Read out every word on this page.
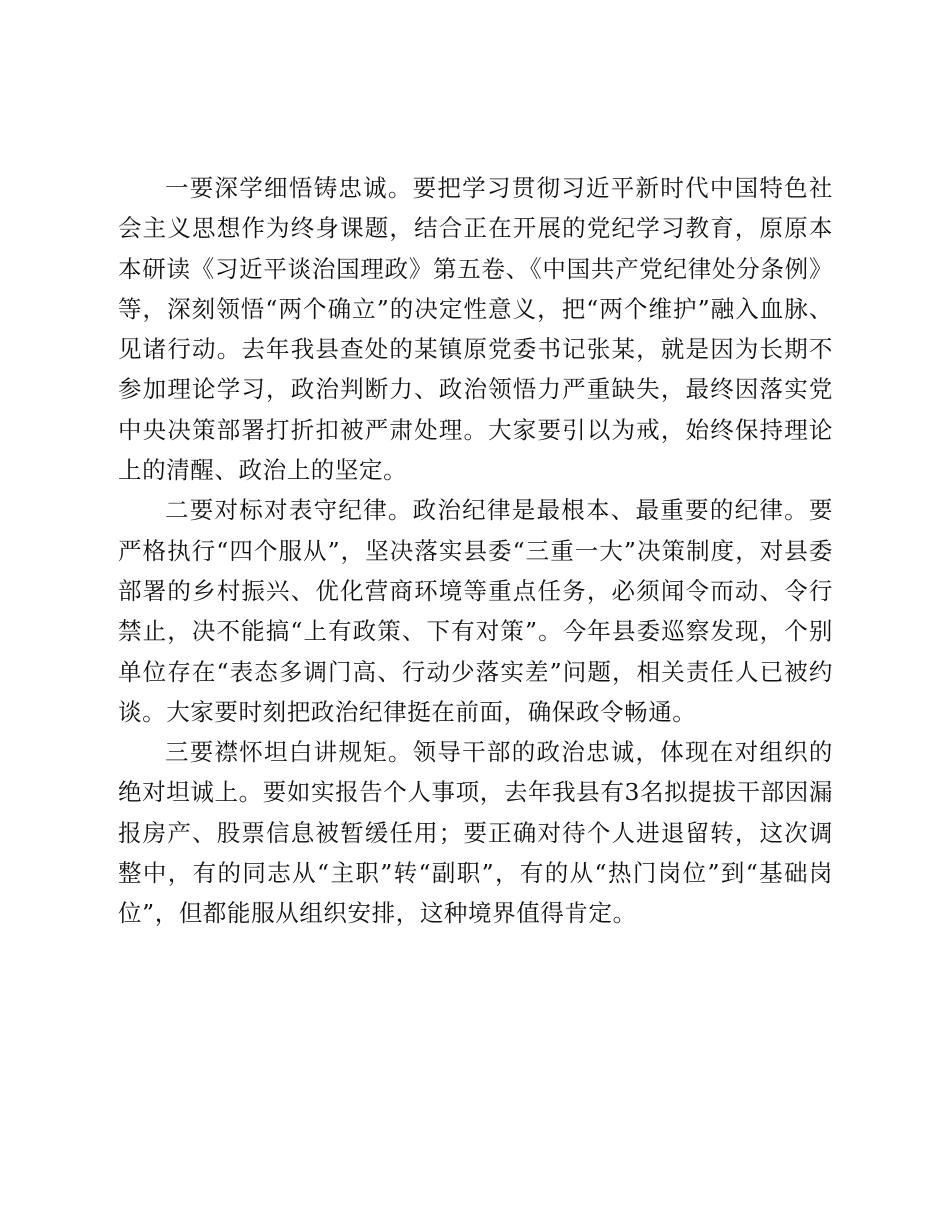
一要深学细悟铸忠诚。要把学习贯彻习近平新时代中国特色社会主义思想作为终身课题，结合正在开展的党纪学习教育，原原本本研读《习近平谈治国理政》第五卷、《中国共产党纪律处分条例》等，深刻领悟“两个确立”的决定性意义，把“两个维护”融入血脉、见诸行动。去年我县查处的某镇原党委书记张某，就是因为长期不参加理论学习，政治判断力、政治领悟力严重缺失，最终因落实党中央决策部署打折扣被严肃处理。大家要引以为戒，始终保持理论上的清醒、政治上的坚定。

二要对标对表守纪律。政治纪律是最根本、最重要的纪律。要严格执行“四个服从”，坚决落实县委“三重一大”决策制度，对县委部署的乡村振兴、优化营商环境等重点任务，必须闻令而动、令行禁止，决不能搞“上有政策、下有对策”。今年县委巡察发现，个别单位存在“表态多调门高、行动少落实差”问题，相关责任人已被约谈。大家要时刻把政治纪律挺在前面，确保政令畅通。

三要襟怀坦白讲规矩。领导干部的政治忠诚，体现在对组织的绝对坦诚上。要如实报告个人事项，去年我县有3名拟提拔干部因漏报房产、股票信息被暂缓任用；要正确对待个人进退留转，这次调整中，有的同志从“主职”转“副职”，有的从“热门岗位”到“基础岗位”，但都能服从组织安排，这种境界值得肯定。
